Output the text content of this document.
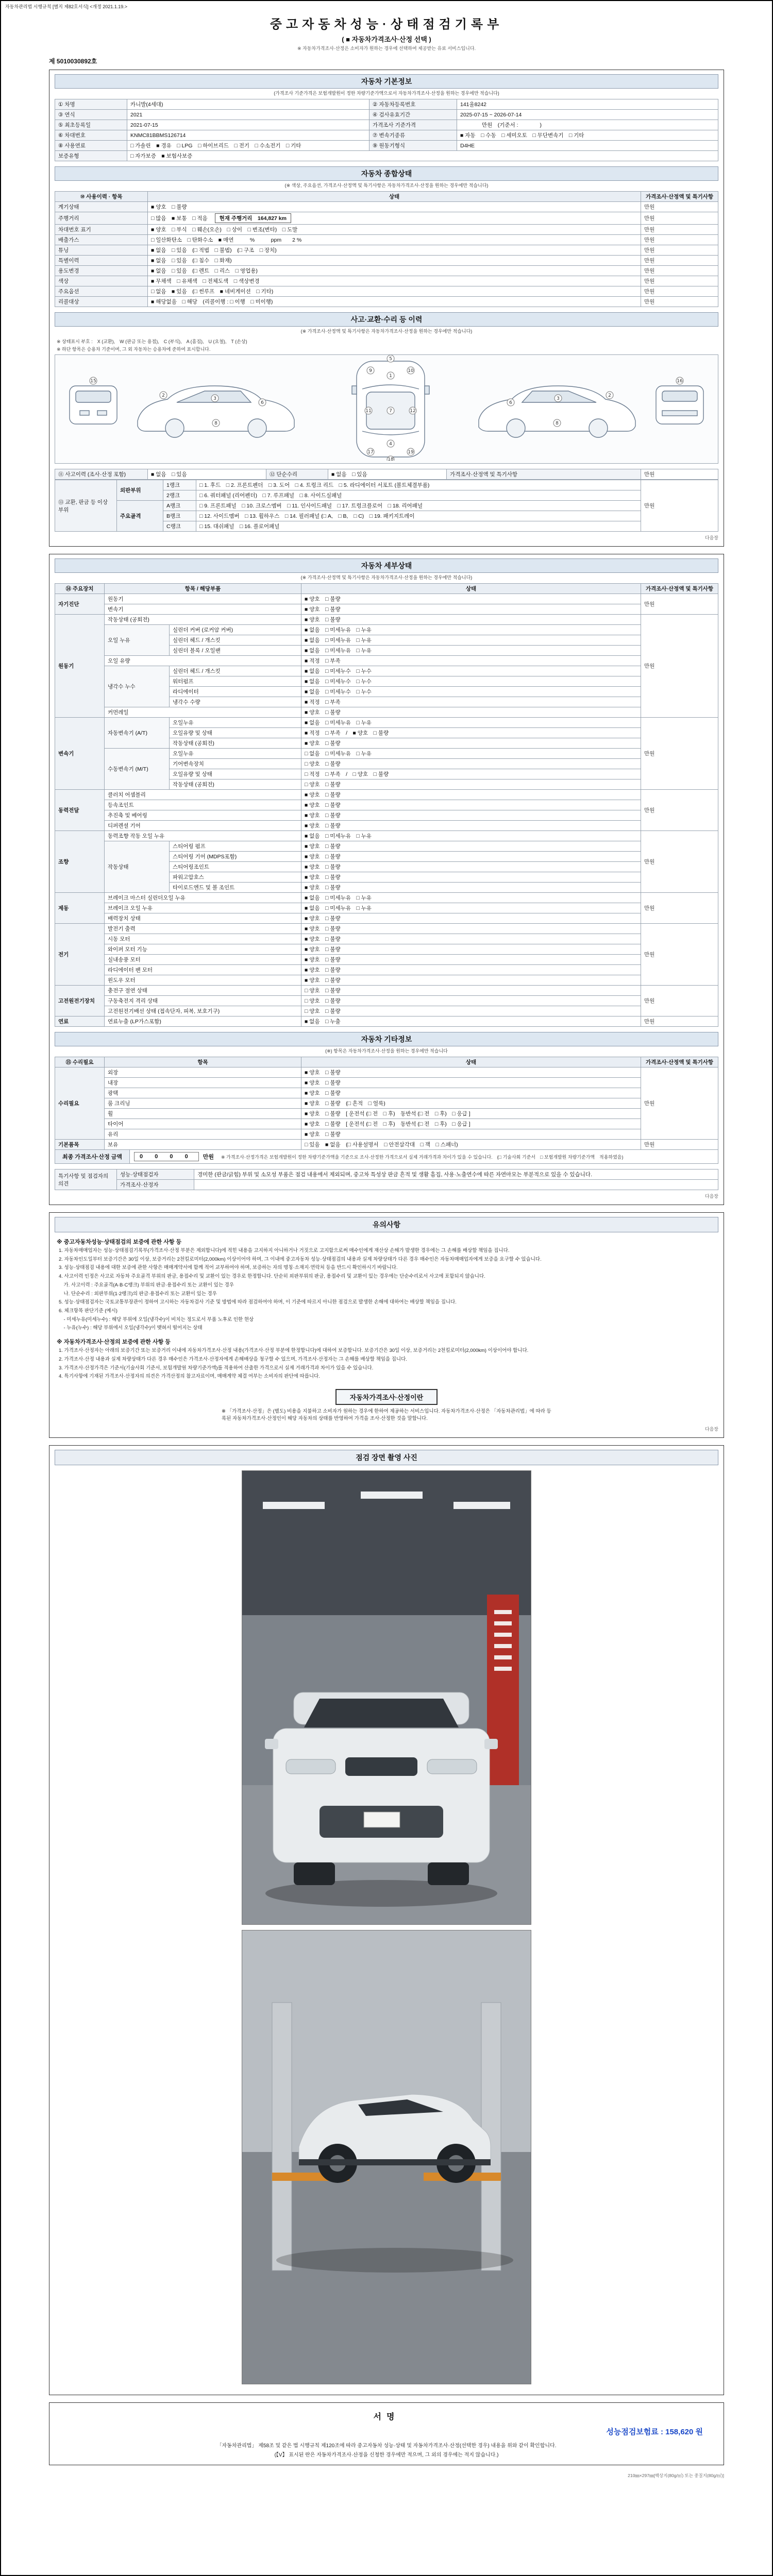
자동차관리법 시행규칙 [별지 제82호서식] <개정 2021.1.19.>
중고자동차성능·상태점검기록부
( ■ 자동차가격조사·산정 선택 )
※ 자동차가격조사·산정은 소비자가 원하는 경우에 선택하여 제공받는 유료 서비스입니다.
제 5010030892호
자동차 기본정보
(가격조사 기준가격은 보험개발원이 정한 차량기준가액으로서 자동차가격조사·산정을 원하는 경우에만 적습니다)
① 차명	카니발(4세대)	② 자동차등록번호	141울8242
③ 연식	2021	④ 검사유효기간	2025-07-15 ~ 2026-07-14
⑤ 최초등록일	2021-07-15	가격조사 기준가격	　　　　만원　(기준서 :　　　　)
⑥ 차대번호	KNMC81BBMS126714	⑦ 변속기종류	■ 자동　□ 수동　□ 세미오토　□ 무단변속기　□ 기타
⑧ 사용연료	□ 가솔린　■ 경유　□ LPG　□ 하이브리드　□ 전기　□ 수소전기　□ 기타	⑨ 원동기형식	D4HE
보증유형	□ 자가보증　■ 보험사보증		
자동차 종합상태
(※ 색상, 주요옵션, 가격조사·산정액 및 특기사항은 자동차가격조사·산정을 원하는 경우에만 적습니다)
⑩ 사용이력 · 항목	상태	가격조사·산정액 및 특기사항
계기상태	■ 양호　□ 불량	만원
주행거리	□ 많음　■ 보통　□ 적음 현재 주행거리　164,827 km	만원
차대번호 표기	■ 양호　□ 부식　□ 훼손(오손)　□ 상이　□ 변조(변타)　□ 도말	만원
배출가스	□ 일산화탄소　□ 탄화수소　■ 매연　　　%　　　ppm　　2 %	만원
튜닝	■ 없음　□ 있음　(□ 적법　□ 불법)　(□ 구조　□ 장치)	만원
특별이력	■ 없음　□ 있음　(□ 침수　□ 화재)	만원
용도변경	■ 없음　□ 있음　(□ 렌트　□ 리스　□ 영업용)	만원
색상	■ 무채색　□ 유채색　□ 전체도색　□ 색상변경	만원
주요옵션	□ 없음　■ 있음　(□ 썬루프　■ 네비게이션　□ 기타)	만원
리콜대상	■ 해당없음　□ 해당　(리콜이행 : □ 이행　□ 미이행)	만원
사고·교환·수리 등 이력
(※ 가격조사·산정액 및 특기사항은 자동차가격조사·산정을 원하는 경우에만 적습니다)
※ 상태표시 부호 :　X (교환),　W (판금 또는 용접),　C (부식),　A (흠집),　U (요철),　T (손상)
※ 하단 항목은 승용차 기준이며, 그 외 자동차는 승용차에 준하여 표시합니다.
5
1
9	10
7
11	12
4
18
17	19
2
3
6
8
2
3
6
8
15	16
⑪ 사고이력 (조사·산정 포함)	■ 없음　□ 있음	⑫ 단순수리	■ 없음　□ 있음	가격조사·산정액 및 특기사항	만원
⑬ 교환, 판금 등 이상 부위	외판부위	1랭크	□ 1. 후드　□ 2. 프론트펜더　□ 3. 도어　□ 4. 트렁크 리드　□ 5. 라디에이터 서포트 (볼트체결부품)	만원
		2랭크	□ 6. 쿼터패널 (리어펜더)　□ 7. 루프패널　□ 8. 사이드실패널	
	주요골격	A랭크	□ 9. 프론트패널　□ 10. 크로스멤버　□ 11. 인사이드패널　□ 17. 트렁크플로어　□ 18. 리어패널	
		B랭크	□ 12. 사이드멤버　□ 13. 휠하우스　□ 14. 필러패널 (□ A,　□ B,　□ C)　□ 19. 패키지트레이	
		C랭크	□ 15. 대쉬패널　□ 16. 플로어패널	
다음장
자동차 세부상태
(※ 가격조사·산정액 및 특기사항은 자동차가격조사·산정을 원하는 경우에만 적습니다)
⑭ 주요장치	항목 / 해당부품		상태	가격조사·산정액 및 특기사항
자기진단	원동기		■ 양호　□ 불량	만원
	변속기		■ 양호　□ 불량	
원동기	작동상태 (공회전)		■ 양호　□ 불량	만원
	오일 누유	실린더 커버 (로커암 커버)	■ 없음　□ 미세누유　□ 누유	
		실린더 헤드 / 개스킷	■ 없음　□ 미세누유　□ 누유	
		실린더 블록 / 오일팬	■ 없음　□ 미세누유　□ 누유	
	오일 유량		■ 적정　□ 부족	
	냉각수 누수	실린더 헤드 / 개스킷	■ 없음　□ 미세누수　□ 누수	
		워터펌프	■ 없음　□ 미세누수　□ 누수	
		라디에이터	■ 없음　□ 미세누수　□ 누수	
		냉각수 수량	■ 적정　□ 부족	
	커먼레일		■ 양호　□ 불량	
변속기	자동변속기 (A/T)	오일누유	■ 없음　□ 미세누유　□ 누유	만원
		오일유량 및 상태	■ 적정　□ 부족　/　■ 양호　□ 불량	
		작동상태 (공회전)	■ 양호　□ 불량	
	수동변속기 (M/T)	오일누유	□ 없음　□ 미세누유　□ 누유	
		기어변속장치	□ 양호　□ 불량	
		오일유량 및 상태	□ 적정　□ 부족　/　□ 양호　□ 불량	
		작동상태 (공회전)	□ 양호　□ 불량	
동력전달	클러치 어셈블리		■ 양호　□ 불량	만원
	등속조인트		■ 양호　□ 불량	
	추진축 및 베어링		■ 양호　□ 불량	
	디퍼렌셜 기어		■ 양호　□ 불량	
조향	동력조향 작동 오일 누유		■ 없음　□ 미세누유　□ 누유	만원
	작동상태	스티어링 펌프	■ 양호　□ 불량	
		스티어링 기어 (MDPS포함)	■ 양호　□ 불량	
		스티어링조인트	■ 양호　□ 불량	
		파워고압호스	■ 양호　□ 불량	
		타이로드엔드 및 볼 조인트	■ 양호　□ 불량	
제동	브레이크 마스터 실린더오일 누유		■ 없음　□ 미세누유　□ 누유	만원
	브레이크 오일 누유		■ 없음　□ 미세누유　□ 누유	
	배력장치 상태		■ 양호　□ 불량	
전기	발전기 출력		■ 양호　□ 불량	만원
	시동 모터		■ 양호　□ 불량	
	와이퍼 모터 기능		■ 양호　□ 불량	
	실내송풍 모터		■ 양호　□ 불량	
	라디에이터 팬 모터		■ 양호　□ 불량	
	윈도우 모터		■ 양호　□ 불량	
고전원전기장치	충전구 절연 상태		□ 양호　□ 불량	만원
	구동축전지 격리 상태		□ 양호　□ 불량	
	고전원전기배선 상태 (접속단자, 피복, 보호기구)		□ 양호　□ 불량	
연료	연료누출 (LP가스포함)		■ 없음　□ 누출	만원
자동차 기타정보
(※) 항목은 자동차가격조사·산정을 원하는 경우에만 적습니다
⑮ 수리필요	항목	상태	가격조사·산정액 및 특기사항
수리필요	외장	■ 양호　□ 불량	만원
	내장	■ 양호　□ 불량	
	광택	■ 양호　□ 불량	
	룸 크리닝	■ 양호　□ 불량　(□ 흔적　□ 얼룩)	
	휠	■ 양호　□ 불량　[ 운전석 (□ 전　□ 후)　동반석 (□ 전　□ 후)　□ 응급 ]	
	타이어	■ 양호　□ 불량　[ 운전석 (□ 전　□ 후)　동반석 (□ 전　□ 후)　□ 응급 ]	
	유리	■ 양호　□ 불량	
기본품목	보유	□ 있음　■ 없음　(□ 사용설명서　□ 안전삼각대　□ 잭　□ 스패너)	만원
최종 가격조사·산정 금액	0 0 0 0	만원 ※ 가격조사·산정가격은 보험개발원이 정한 차량기준가액을 기준으로 조사·산정한 가격으로서 실제 거래가격과 차이가 있을 수 있습니다.　(□ 기술사회 기준서　□ 보험개발원 차량기준가액　적용하였음)
특기사항 및 점검자의 의견	성능·상태점검자	경미한 (판금/긁힘) 부위 및 소모성 부품은 점검 내용에서 제외되며, 중고차 특성상 판금 흔적 및 생활 흠집, 사용·노출연수에 따른 자연마모는 부분적으로 있을 수 있습니다.
	가격조사·산정자	
다음장
유의사항
※ 중고자동차성능·상태점검의 보증에 관한 사항 등
1. 자동차매매업자는 성능·상태점검기록부(가격조사·산정 부분은 제외합니다)에 적힌 내용을 고지하지 아니하거나 거짓으로 고지함으로써 매수인에게 재산상 손해가 발생한 경우에는 그 손해를 배상할 책임을 집니다.
2. 자동차인도일부터 보증기간은 30일 이상, 보증거리는 2천킬로미터(2,000km) 이상이어야 하며, 그 이내에 중고자동차 성능·상태점검의 내용과 실제 차량상태가 다른 경우 매수인은 자동차매매업자에게 보증을 요구할 수 있습니다.
3. 성능·상태점검 내용에 대한 보증에 관한 사항은 매매계약서에 함께 적어 교부하여야 하며, 보증하는 자의 명칭·소재지·연락처 등을 반드시 확인하시기 바랍니다.
4. 사고이력 인정은 사고로 자동차 주요골격 부위의 판금, 용접수리 및 교환이 있는 경우로 한정합니다. 단순히 외판부위의 판금, 용접수리 및 교환이 있는 경우에는 단순수리로서 사고에 포함되지 않습니다.
　가. 사고이력 : 주요골격(A·B·C랭크) 부위의 판금·용접수리 또는 교환이 있는 경우
　나. 단순수리 : 외판부위(1·2랭크)의 판금·용접수리 또는 교환이 있는 경우
5. 성능·상태점검자는 국토교통부장관이 정하여 고시하는 자동차검사 기준 및 방법에 따라 점검하여야 하며, 이 기준에 따르지 아니한 점검으로 발생한 손해에 대하여는 배상할 책임을 집니다.
6. 체크항목 판단기준 (예시)
　- 미세누유(미세누수) : 해당 부위에 오일(냉각수)이 비치는 정도로서 부품 노후로 인한 현상
　- 누유(누수) : 해당 부위에서 오일(냉각수)이 맺혀서 떨어지는 상태
※ 자동차가격조사·산정의 보증에 관한 사항 등
1. 가격조사·산정자는 아래의 보증기간 또는 보증거리 이내에 자동차가격조사·산정 내용(가격조사·산정 부분에 한정합니다)에 대하여 보증합니다. 보증기간은 30일 이상, 보증거리는 2천킬로미터(2,000km) 이상이어야 합니다.
2. 가격조사·산정 내용과 실제 차량상태가 다른 경우 매수인은 가격조사·산정자에게 손해배상을 청구할 수 있으며, 가격조사·산정자는 그 손해를 배상할 책임을 집니다.
3. 가격조사·산정가격은 기준서(기술사회 기준서, 보험개발원 차량기준가액)를 적용하여 산출한 가격으로서 실제 거래가격과 차이가 있을 수 있습니다.
4. 특기사항에 기재된 가격조사·산정자의 의견은 가격산정의 참고자료이며, 매매계약 체결 여부는 소비자의 판단에 따릅니다.
자동차가격조사·산정이란
※ 「가격조사·산정」은 (별도) 비용을 지불하고 소비자가 원하는 경우에 한하여 제공하는 서비스입니다. 자동차가격조사·산정은 「자동차관리법」에 따라 등록된 자동차가격조사·산정인이 해당 자동차의 상태를 반영하여 가격을 조사·산정한 것을 말합니다.
다음장
점검 장면 촬영 사진
서명
성능점검보험료 : 158,620 원
「자동차관리법」 제58조 및 같은 법 시행규칙 제120조에 따라 중고자동차 성능·상태 및 자동차가격조사·산정(선택한 경우) 내용을 위와 같이 확인합니다.
(【V】 표시된 란은 자동차가격조사·산정을 신청한 경우에만 적으며, 그 외의 경우에는 적지 않습니다.)
210㎜×297㎜[백상지(80g/㎡) 또는 중질지(80g/㎡)]
